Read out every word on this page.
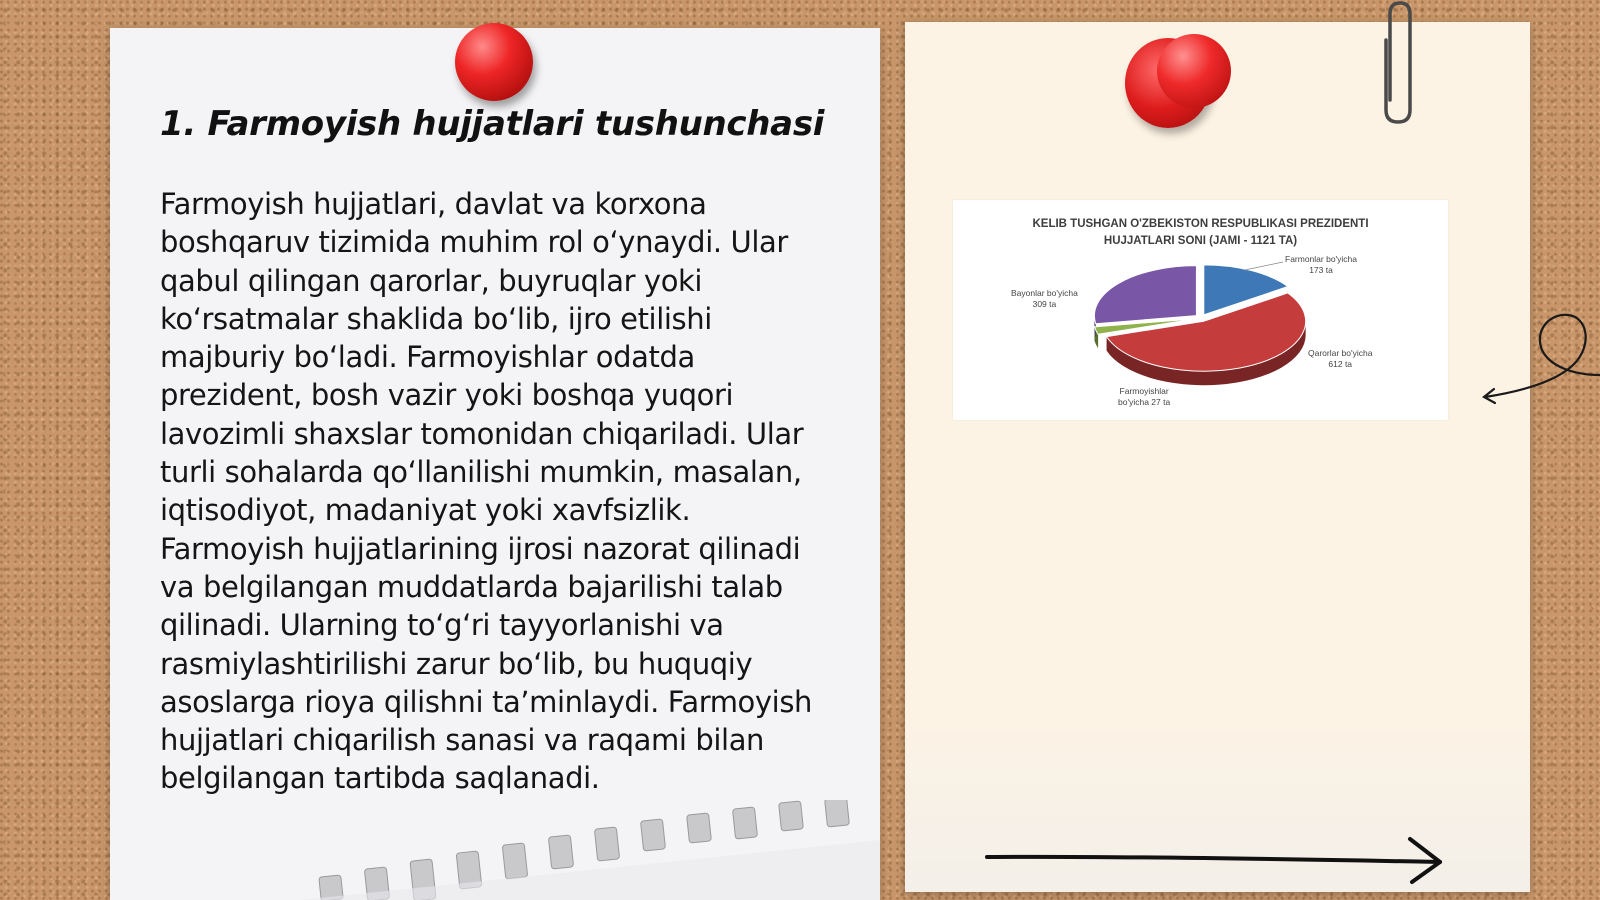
1. Farmoyish hujjatlari tushunchasi

Farmoyish hujjatlari, davlat va korxona boshqaruv tizimida muhim rol oʻynaydi. Ular qabul qilingan qarorlar, buyruqlar yoki koʻrsatmalar shaklida boʻlib, ijro etilishi majburiy boʻladi. Farmoyishlar odatda prezident, bosh vazir yoki boshqa yuqori lavozimli shaxslar tomonidan chiqariladi. Ular turli sohalarda qoʻllanilishi mumkin, masalan, iqtisodiyot, madaniyat yoki xavfsizlik. Farmoyish hujjatlarining ijrosi nazorat qilinadi va belgilangan muddatlarda bajarilishi talab qilinadi. Ularning toʻgʻri tayyorlanishi va rasmiylashtirilishi zarur boʻlib, bu huquqiy asoslarga rioya qilishni taʼminlaydi. Farmoyish hujjatlari chiqarilish sanasi va raqami bilan belgilangan tartibda saqlanadi.

KELIB TUSHGAN O'ZBEKISTON RESPUBLIKASI PREZIDENTI
HUJJATLARI SONI (JAMI - 1121 TA)

Farmonlar bo'yicha
173 ta
Qarorlar bo'yicha
612 ta
Farmoyishlar
bo'yicha 27 ta
Bayonlar bo'yicha
309 ta
